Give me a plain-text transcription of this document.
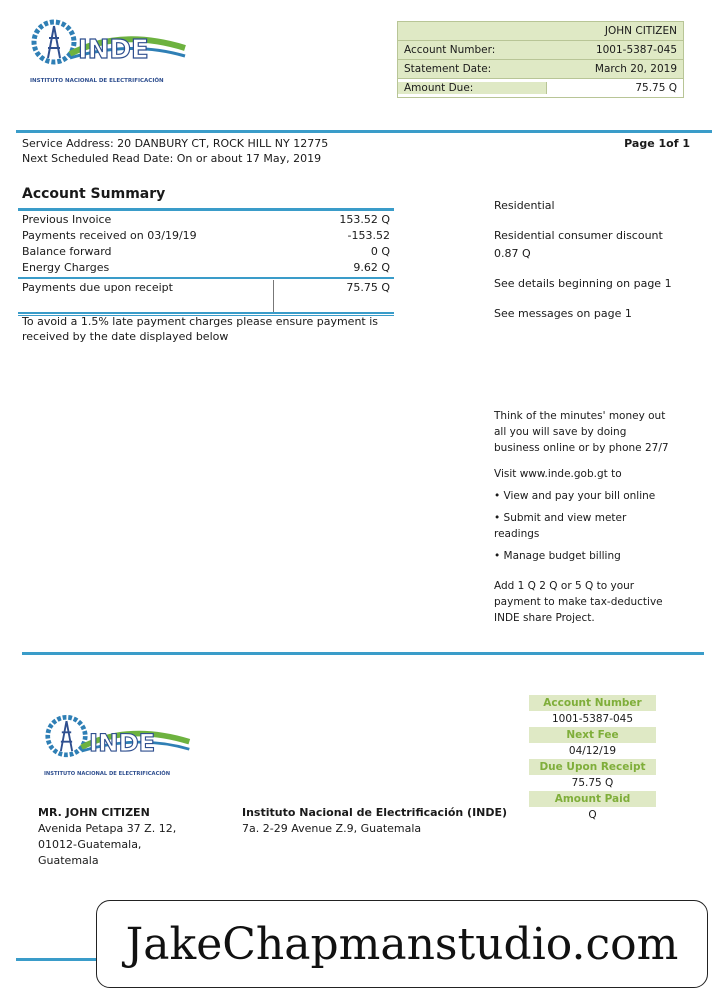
INDE
INSTITUTO NACIONAL DE ELECTRIFICACIÓN
JOHN CITIZEN
Account Number:	1001-5387-045
Statement Date:	March 20, 2019
Amount Due:	75.75 Q
Service Address: 20 DANBURY CT, ROCK HILL NY 12775
Next Scheduled Read Date: On or about 17 May, 2019
Page 1of 1
Account Summary
Previous Invoice	153.52 Q
Payments received on 03/19/19	-153.52
Balance forward	0 Q
Energy Charges	9.62 Q
Payments due upon receipt	75.75 Q
To avoid a 1.5% late payment charges please ensure payment is received by the date displayed below

Residential

Residential consumer discount

0.87 Q

See details beginning on page 1

See messages on page 1

Think of the minutes' money out all you will save by doing business online or by phone 27/7

Visit www.inde.gob.gt to

• View and pay your bill online

• Submit and view meter readings

• Manage budget billing

Add 1 Q 2 Q or 5 Q to your payment to make tax-deductive INDE share Project.

INDE
INSTITUTO NACIONAL DE ELECTRIFICACIÓN
MR. JOHN CITIZEN
Avenida Petapa 37 Z. 12,
01012-Guatemala,
Guatemala
Instituto Nacional de Electrificación (INDE)
7a. 2-29 Avenue Z.9, Guatemala
Account Number
1001-5387-045
Next Fee
04/12/19
Due Upon Receipt
75.75 Q
Amount Paid
Q
JakeChapmanstudio.com
